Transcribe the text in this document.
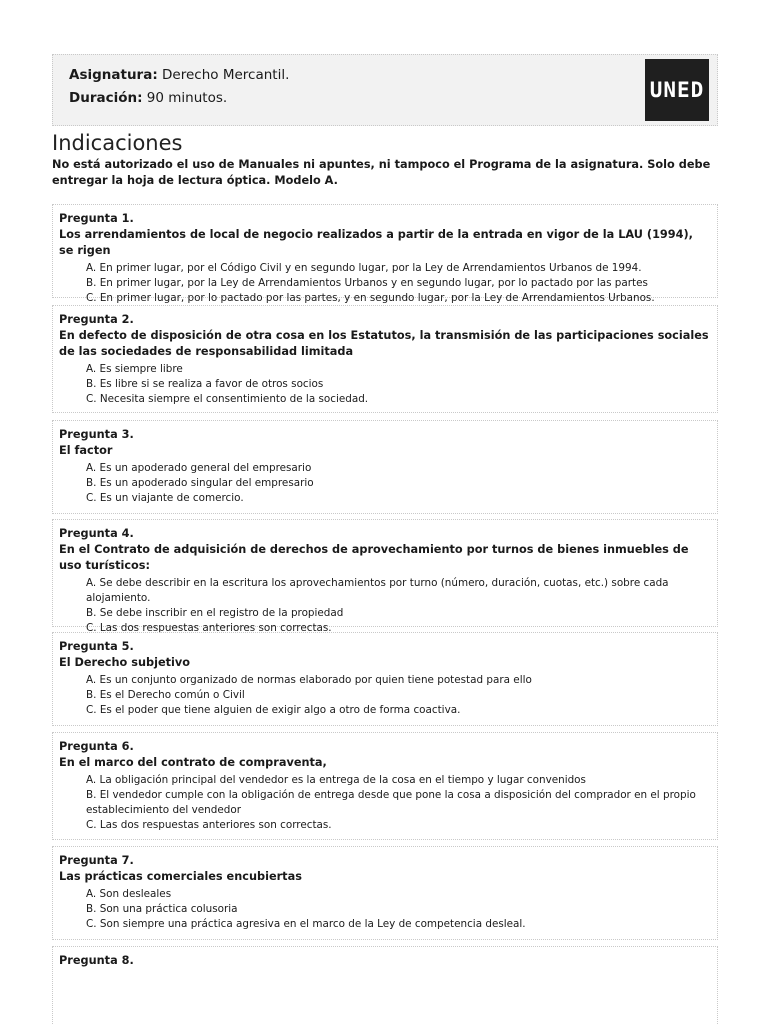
Asignatura: Derecho Mercantil.
Duración: 90 minutos.	UNED
Indicaciones
No está autorizado el uso de Manuales ni apuntes, ni tampoco el Programa de la asignatura. Solo debe entregar la hoja de lectura óptica. Modelo A.
Pregunta 1.
Los arrendamientos de local de negocio realizados a partir de la entrada en vigor de la LAU (1994), se rigen
A. En primer lugar, por el Código Civil y en segundo lugar, por la Ley de Arrendamientos Urbanos de 1994.
B. En primer lugar, por la Ley de Arrendamientos Urbanos y en segundo lugar, por lo pactado por las partes
C. En primer lugar, por lo pactado por las partes, y en segundo lugar, por la Ley de Arrendamientos Urbanos.
Pregunta 2.
En defecto de disposición de otra cosa en los Estatutos, la transmisión de las participaciones sociales de las sociedades de responsabilidad limitada
A. Es siempre libre
B. Es libre si se realiza a favor de otros socios
C. Necesita siempre el consentimiento de la sociedad.
Pregunta 3.
El factor
A. Es un apoderado general del empresario
B. Es un apoderado singular del empresario
C. Es un viajante de comercio.
Pregunta 4.
En el Contrato de adquisición de derechos de aprovechamiento por turnos de bienes inmuebles de uso turísticos:
A. Se debe describir en la escritura los aprovechamientos por turno (número, duración, cuotas, etc.) sobre cada alojamiento.
B. Se debe inscribir en el registro de la propiedad
C. Las dos respuestas anteriores son correctas.
Pregunta 5.
El Derecho subjetivo
A. Es un conjunto organizado de normas elaborado por quien tiene potestad para ello
B. Es el Derecho común o Civil
C. Es el poder que tiene alguien de exigir algo a otro de forma coactiva.
Pregunta 6.
En el marco del contrato de compraventa,
A. La obligación principal del vendedor es la entrega de la cosa en el tiempo y lugar convenidos
B. El vendedor cumple con la obligación de entrega desde que pone la cosa a disposición del comprador en el propio establecimiento del vendedor
C. Las dos respuestas anteriores son correctas.
Pregunta 7.
Las prácticas comerciales encubiertas
A. Son desleales
B. Son una práctica colusoria
C. Son siempre una práctica agresiva en el marco de la Ley de competencia desleal.
Pregunta 8.
